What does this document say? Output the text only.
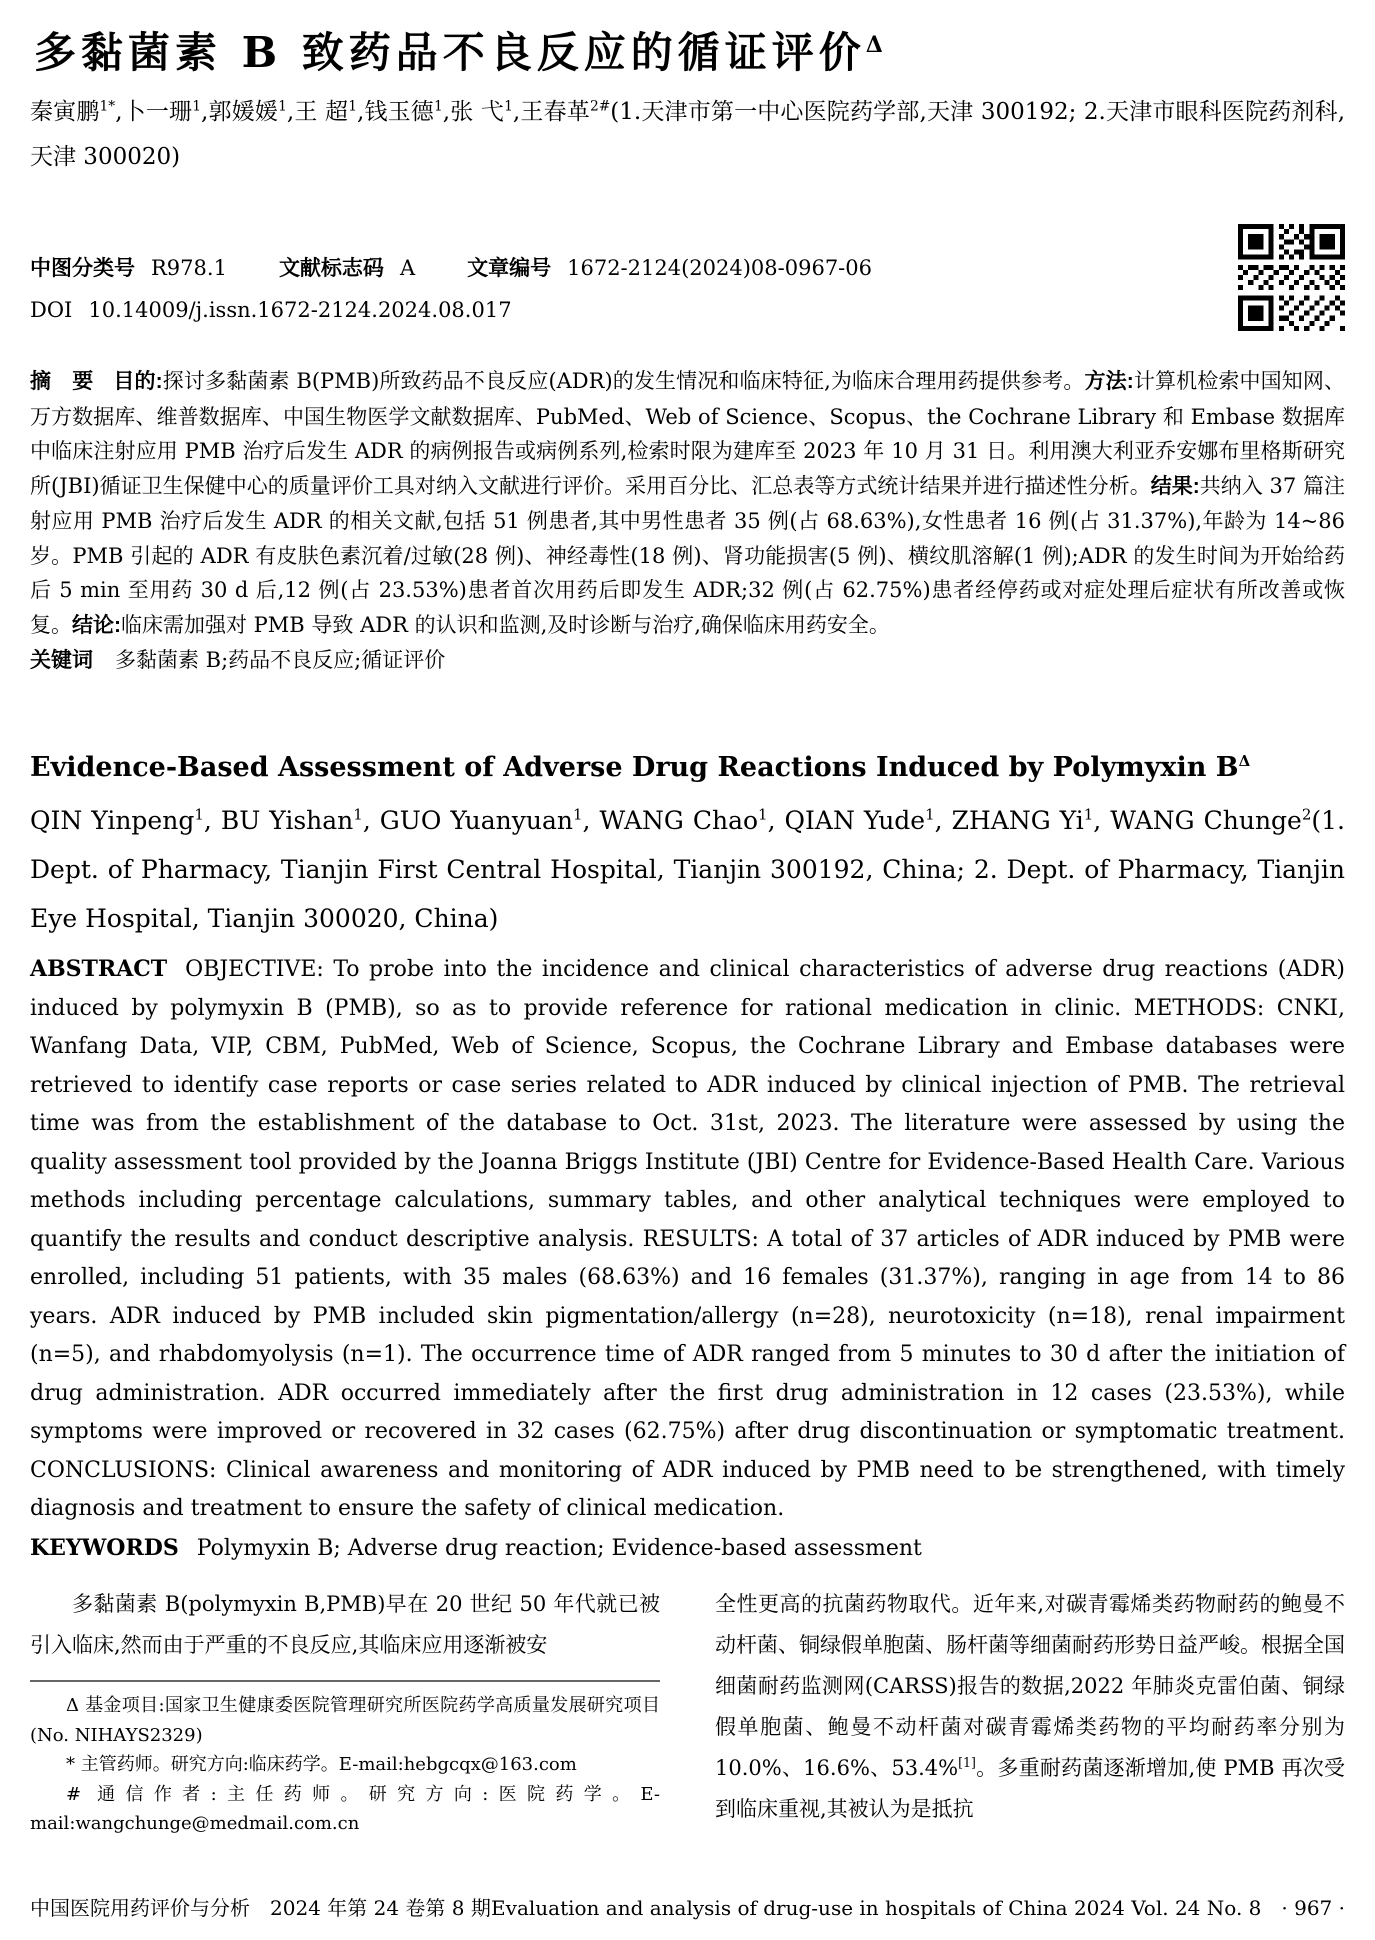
多黏菌素 B 致药品不良反应的循证评价$^\Delta$

秦寅鹏$^{1*}$,卜一珊$^1$,郭媛媛$^1$,王 超$^1$,钱玉德$^1$,张 弋$^1$,王春革$^{2\#}$(1.天津市第一中心医院药学部,天津 300192; 2.天津市眼科医院药剂科,天津 300020)

中图分类号 R978.1 文献标志码 A 文章编号 1672-2124(2024)08-0967-06
DOI 10.14009/j.issn.1672-2124.2024.08.017

摘　要 目的:探讨多黏菌素 B(PMB)所致药品不良反应(ADR)的发生情况和临床特征,为临床合理用药提供参考。方法:计算机检索中国知网、万方数据库、维普数据库、中国生物医学文献数据库、PubMed、Web of Science、Scopus、the Cochrane Library 和 Embase 数据库中临床注射应用 PMB 治疗后发生 ADR 的病例报告或病例系列,检索时限为建库至 2023 年 10 月 31 日。利用澳大利亚乔安娜布里格斯研究所(JBI)循证卫生保健中心的质量评价工具对纳入文献进行评价。采用百分比、汇总表等方式统计结果并进行描述性分析。结果:共纳入 37 篇注射应用 PMB 治疗后发生 ADR 的相关文献,包括 51 例患者,其中男性患者 35 例(占 68.63%),女性患者 16 例(占 31.37%),年龄为 14~86 岁。PMB 引起的 ADR 有皮肤色素沉着/过敏(28 例)、神经毒性(18 例)、肾功能损害(5 例)、横纹肌溶解(1 例);ADR 的发生时间为开始给药后 5 min 至用药 30 d 后,12 例(占 23.53%)患者首次用药后即发生 ADR;32 例(占 62.75%)患者经停药或对症处理后症状有所改善或恢复。结论:临床需加强对 PMB 导致 ADR 的认识和监测,及时诊断与治疗,确保临床用药安全。

关键词 多黏菌素 B;药品不良反应;循证评价

Evidence-Based Assessment of Adverse Drug Reactions Induced by Polymyxin $B^\Delta$

QIN Yinpeng$^1$, BU Yishan$^1$, GUO Yuanyuan$^1$, WANG Chao$^1$, QIAN Yude$^1$, ZHANG Yi$^1$, WANG Chunge$^2$(1. Dept. of Pharmacy, Tianjin First Central Hospital, Tianjin 300192, China; 2. Dept. of Pharmacy, Tianjin Eye Hospital, Tianjin 300020, China)

ABSTRACT OBJECTIVE: To probe into the incidence and clinical characteristics of adverse drug reactions (ADR) induced by polymyxin B (PMB), so as to provide reference for rational medication in clinic. METHODS: CNKI, Wanfang Data, VIP, CBM, PubMed, Web of Science, Scopus, the Cochrane Library and Embase databases were retrieved to identify case reports or case series related to ADR induced by clinical injection of PMB. The retrieval time was from the establishment of the database to Oct. 31st, 2023. The literature were assessed by using the quality assessment tool provided by the Joanna Briggs Institute (JBI) Centre for Evidence-Based Health Care. Various methods including percentage calculations, summary tables, and other analytical techniques were employed to quantify the results and conduct descriptive analysis. RESULTS: A total of 37 articles of ADR induced by PMB were enrolled, including 51 patients, with 35 males (68.63%) and 16 females (31.37%), ranging in age from 14 to 86 years. ADR induced by PMB included skin pigmentation/allergy (n=28), neurotoxicity (n=18), renal impairment (n=5), and rhabdomyolysis (n=1). The occurrence time of ADR ranged from 5 minutes to 30 d after the initiation of drug administration. ADR occurred immediately after the first drug administration in 12 cases (23.53%), while symptoms were improved or recovered in 32 cases (62.75%) after drug discontinuation or symptomatic treatment. CONCLUSIONS: Clinical awareness and monitoring of ADR induced by PMB need to be strengthened, with timely diagnosis and treatment to ensure the safety of clinical medication.

KEYWORDS Polymyxin B; Adverse drug reaction; Evidence-based assessment

多黏菌素 B(polymyxin B,PMB)早在 20 世纪 50 年代就已被引入临床,然而由于严重的不良反应,其临床应用逐渐被安

Δ 基金项目:国家卫生健康委医院管理研究所医院药学高质量发展研究项目(No. NIHAYS2329)

* 主管药师。研究方向:临床药学。E-mail:hebgcqx@163.com

# 通信作者:主任药师。研究方向:医院药学。E-mail:wangchunge@medmail.com.cn

全性更高的抗菌药物取代。近年来,对碳青霉烯类药物耐药的鲍曼不动杆菌、铜绿假单胞菌、肠杆菌等细菌耐药形势日益严峻。根据全国细菌耐药监测网(CARSS)报告的数据,2022 年肺炎克雷伯菌、铜绿假单胞菌、鲍曼不动杆菌对碳青霉烯类药物的平均耐药率分别为 10.0%、16.6%、53.4%[1]。多重耐药菌逐渐增加,使 PMB 再次受到临床重视,其被认为是抵抗

中国医院用药评价与分析　2024 年第 24 卷第 8 期 Evaluation and analysis of drug-use in hospitals of China 2024 Vol. 24 No. 8　· 967 ·
